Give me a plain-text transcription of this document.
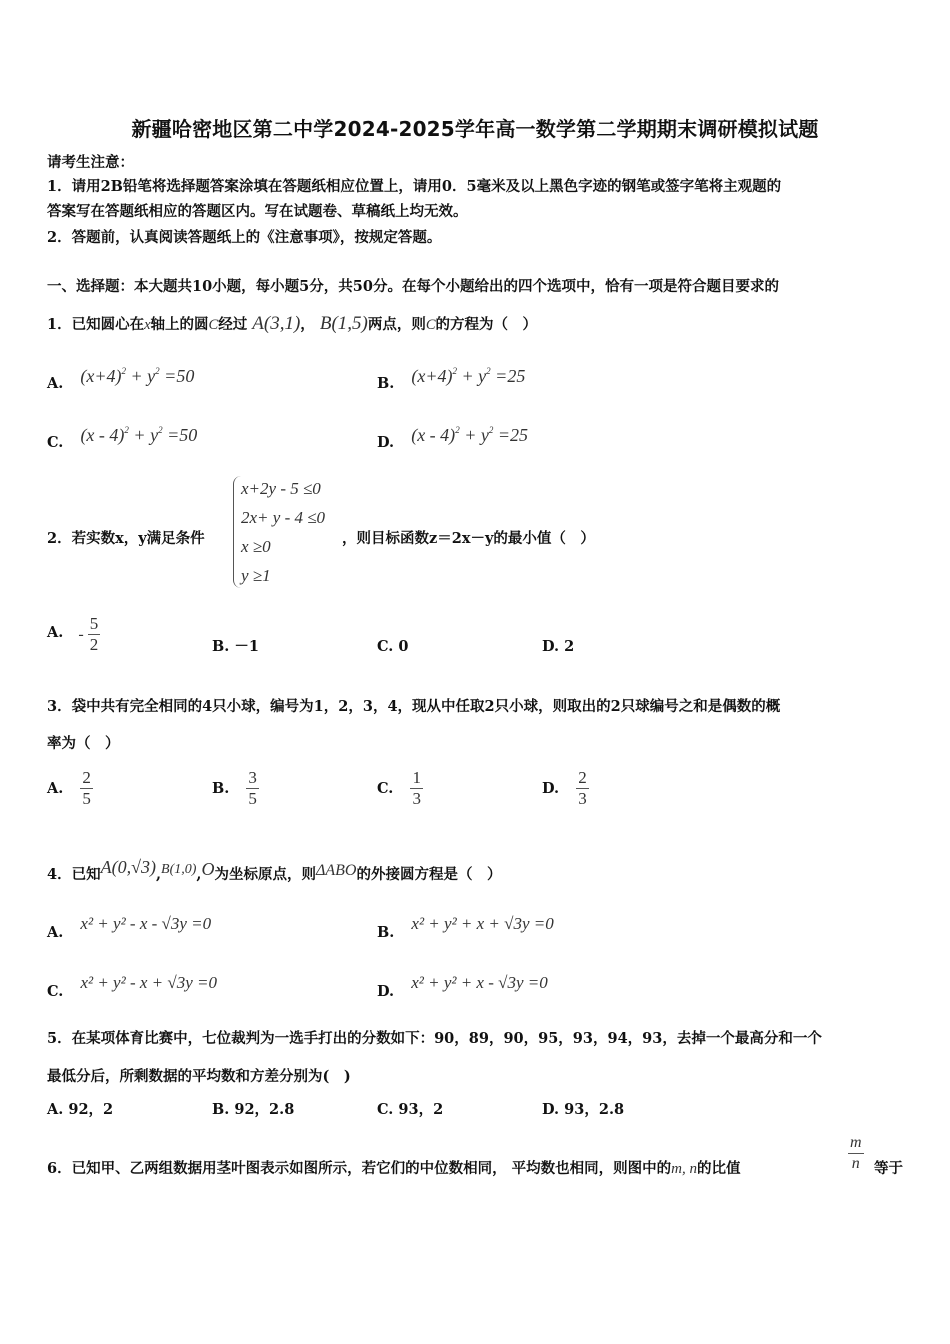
新疆哈密地区第二中学2024-2025学年高一数学第二学期期末调研模拟试题
请考生注意：
1．请用2B铅笔将选择题答案涂填在答题纸相应位置上，请用0．5毫米及以上黑色字迹的钢笔或签字笔将主观题的
答案写在答题纸相应的答题区内。写在试题卷、草稿纸上均无效。
2．答题前，认真阅读答题纸上的《注意事项》，按规定答题。
一、选择题：本大题共10小题，每小题5分，共50分。在每个小题给出的四个选项中，恰有一项是符合题目要求的
1．已知圆心在x轴上的圆C经过 A(3,1)， B(1,5)两点，则C的方程为（　）
A. $(x+4)^2 + y^2 =50$	B. $(x+4)^2 + y^2 =25$
C. $(x - 4)^2 + y^2 =50$	D. $(x - 4)^2 + y^2 =25$
2．若实数x，y满足条件
x+2y - 5 ≤0
2x+ y - 4 ≤0
x ≥0
y ≥1
，则目标函数z＝2x－y的最小值（　）
A. - $\frac{5}{2}$	B. －1	C. 0	D. 2
3．袋中共有完全相同的4只小球，编号为1，2，3，4，现从中任取2只小球，则取出的2只球编号之和是偶数的概
率为（　）
A. $\frac{2}{5}$	B. $\frac{3}{5}$	C. $\frac{1}{3}$	D. $\frac{2}{3}$
4．已知A(0,√3),B(1,0),O为坐标原点，则ΔABO的外接圆方程是（　）
A. x² + y² - x - √3y =0	B. x² + y² + x + √3y =0
C. x² + y² - x + √3y =0	D. x² + y² + x - √3y =0
5．在某项体育比赛中，七位裁判为一选手打出的分数如下：90，89，90，95，93，94，93，去掉一个最高分和一个
最低分后，所剩数据的平均数和方差分别为(　)
A. 92，2	B. 92，2.8	C. 93，2	D. 93，2.8
6．已知甲、乙两组数据用茎叶图表示如图所示，若它们的中位数相同， 平均数也相同，则图中的m, n的比值	$\frac{m}{n}$ 等于
